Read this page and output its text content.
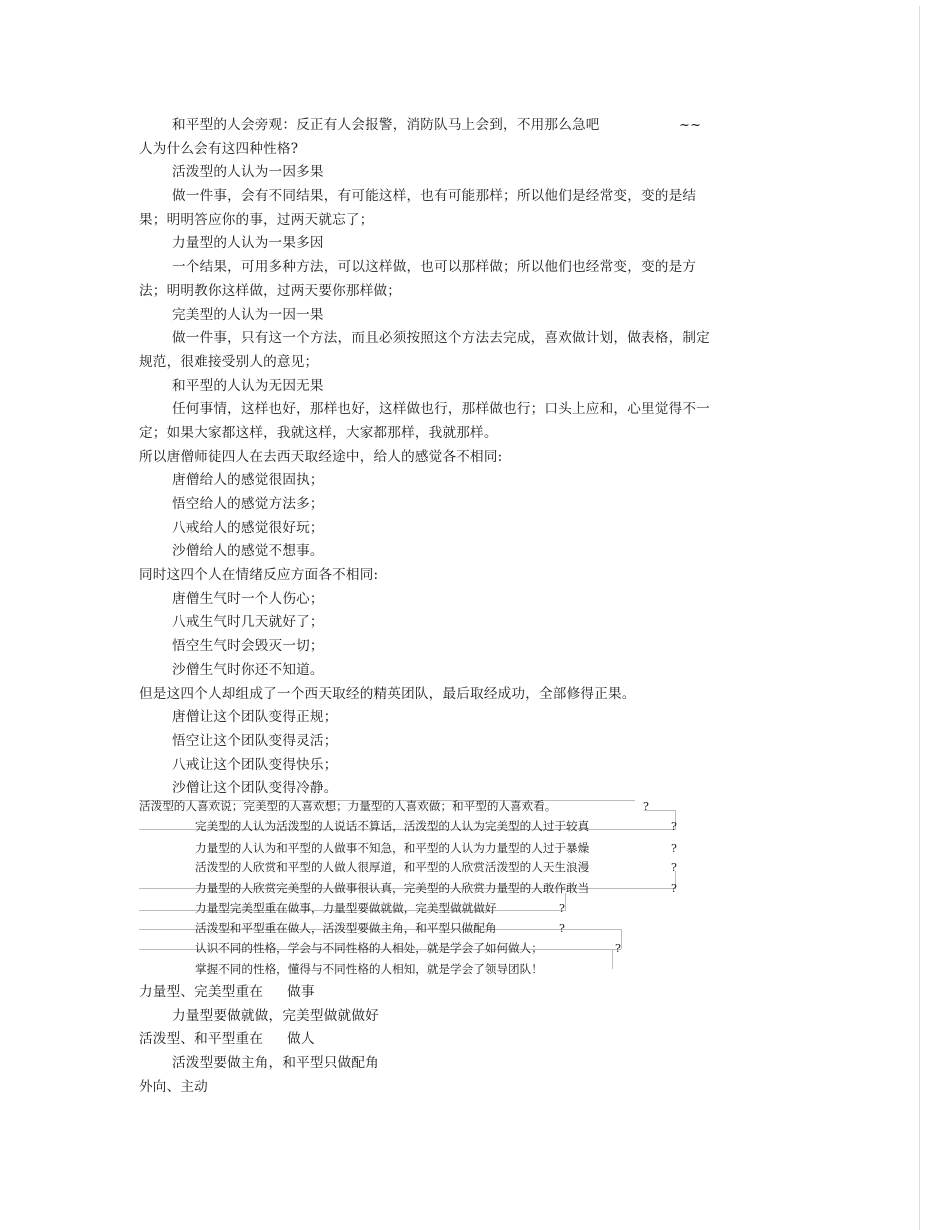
和平型的人会旁观：反正有人会报警，消防队马上会到，不用那么急吧	~~
人为什么会有这四种性格?
活泼型的人认为一因多果
做一件事，会有不同结果，有可能这样，也有可能那样；所以他们是经常变，变的是结
果；明明答应你的事，过两天就忘了；
力量型的人认为一果多因
一个结果，可用多种方法，可以这样做，也可以那样做；所以他们也经常变，变的是方
法；明明教你这样做，过两天要你那样做；
完美型的人认为一因一果
做一件事，只有这一个方法，而且必须按照这个方法去完成，喜欢做计划，做表格，制定
规范，很难接受别人的意见；
和平型的人认为无因无果
任何事情，这样也好，那样也好，这样做也行，那样做也行；口头上应和，心里觉得不一
定；如果大家都这样，我就这样，大家都那样，我就那样。
所以唐僧师徒四人在去西天取经途中，给人的感觉各不相同:
唐僧给人的感觉很固执；
悟空给人的感觉方法多；
八戒给人的感觉很好玩；
沙僧给人的感觉不想事。
同时这四个人在情绪反应方面各不相同:
唐僧生气时一个人伤心；
八戒生气时几天就好了；
悟空生气时会毁灭一切；
沙僧生气时你还不知道。
但是这四个人却组成了一个西天取经的精英团队，最后取经成功，全部修得正果。
唐僧让这个团队变得正规；
悟空让这个团队变得灵活；
八戒让这个团队变得快乐；
沙僧让这个团队变得冷静。
活泼型的人喜欢说；完美型的人喜欢想；力量型的人喜欢做；和平型的人喜欢看。	?
完美型的人认为活泼型的人说话不算话，活泼型的人认为完美型的人过于较真	?
力量型的人认为和平型的人做事不知急，和平型的人认为力量型的人过于暴燥	?
活泼型的人欣赏和平型的人做人很厚道，和平型的人欣赏活泼型的人天生浪漫	?
力量型的人欣赏完美型的人做事很认真，完美型的人欣赏力量型的人敢作敢当	?
力量型完美型重在做事，力量型要做就做，完美型做就做好	?
活泼型和平型重在做人，活泼型要做主角，和平型只做配角	?
认识不同的性格，学会与不同性格的人相处，就是学会了如何做人；	?
掌握不同的性格，懂得与不同性格的人相知，就是学会了领导团队！
力量型、完美型重在 做事
力量型要做就做，完美型做就做好
活泼型、和平型重在 做人
活泼型要做主角，和平型只做配角
外向、主动
